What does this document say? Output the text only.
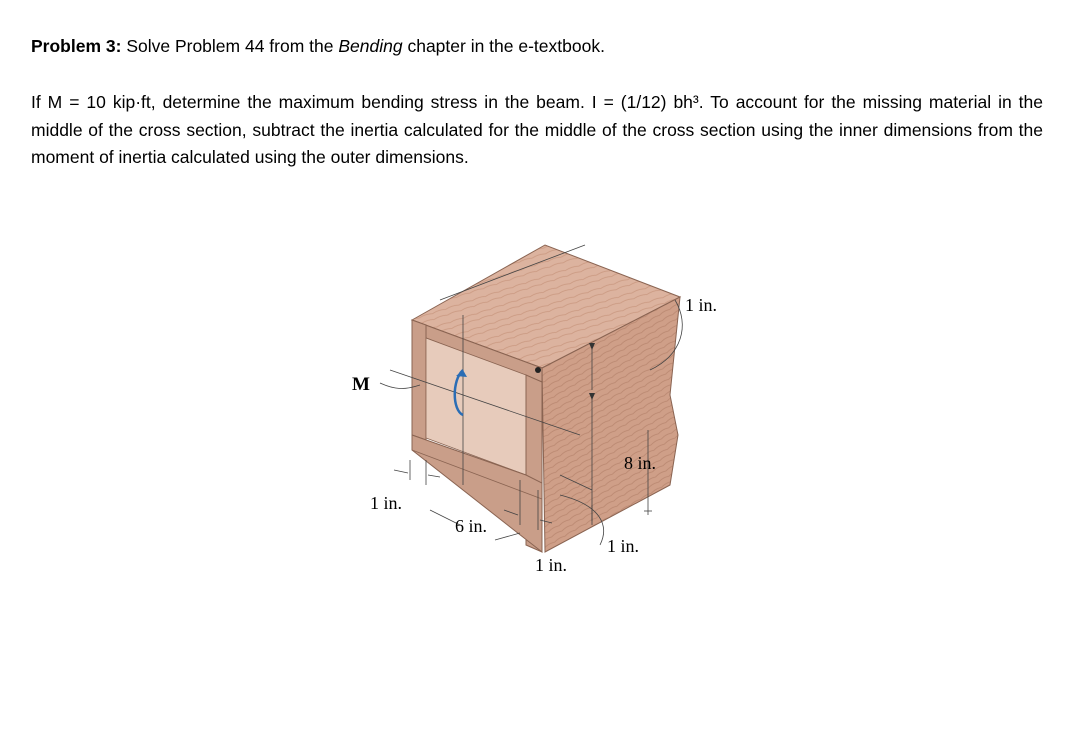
Problem 3: Solve Problem 44 from the Bending chapter in the e-textbook.
If M = 10 kip·ft, determine the maximum bending stress in the beam. I = (1/12) bh³. To account for the missing material in the middle of the cross section, subtract the inertia calculated for the middle of the cross section using the inner dimensions from the moment of inertia calculated using the outer dimensions.
M
1 in.
1 in.
6 in.
8 in.
1 in.
1 in.
